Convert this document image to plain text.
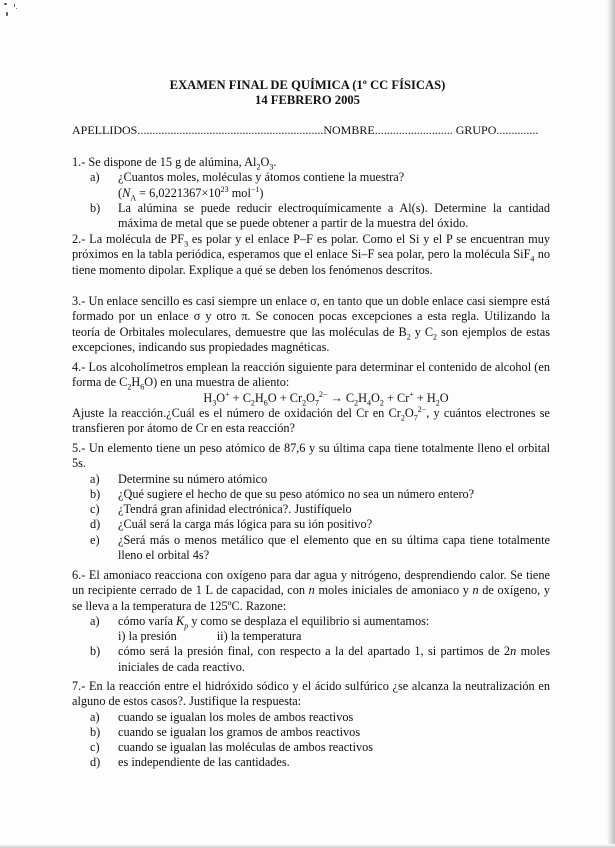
EXAMEN FINAL DE QUÍMICA (1º CC FÍSICAS)
14 FEBRERO 2005
APELLIDOS..............................................................NOMBRE.......................... GRUPO..............
1.- Se dispone de 15 g de alúmina, $Al_2O_3$.
a) ¿Cuantos moles, moléculas y átomos contiene la muestra?
($N_A = 6,0221367\times 10^{23}$ mol$^{-1}$)
b) La alúmina se puede reducir electroquímicamente a Al(s). Determine la cantidad máxima de metal que se puede obtener a partir de la muestra del óxido.
2.- La molécula de $PF_3$ es polar y el enlace P–F es polar. Como el Si y el P se encuentran muy próximos en la tabla periódica, esperamos que el enlace Si–F sea polar, pero la molécula SiF$_4$ no tiene momento dipolar. Explique a qué se deben los fenómenos descritos.
3.- Un enlace sencillo es casi siempre un enlace σ, en tanto que un doble enlace casi siempre está formado por un enlace σ y otro π. Se conocen pocas excepciones a esta regla. Utilizando la teoría de Orbitales moleculares, demuestre que las moléculas de $B_2$ y $C_2$ son ejemplos de estas excepciones, indicando sus propiedades magnéticas.
4.- Los alcoholímetros emplean la reacción siguiente para determinar el contenido de alcohol (en forma de $C_2H_6O$) en una muestra de aliento:
$H_3O^+ + C_2H_6O + Cr_2O_7^{2-} \to C_2H_4O_2 + Cr^+ + H_2O$
Ajuste la reacción.¿Cuál es el número de oxidación del Cr en $Cr_2O_7^{2-}$, y cuántos electrones se transfieren por átomo de Cr en esta reacción?
5.- Un elemento tiene un peso atómico de 87,6 y su última capa tiene totalmente lleno el orbital 5s.
a) Determine su número atómico
b) ¿Qué sugiere el hecho de que su peso atómico no sea un número entero?
c) ¿Tendrá gran afinidad electrónica?. Justifíquelo
d) ¿Cuál será la carga más lógica para su ión positivo?
e) ¿Será más o menos metálico que el elemento que en su última capa tiene totalmente lleno el orbital 4s?
6.- El amoniaco reacciona con oxígeno para dar agua y nitrógeno, desprendiendo calor. Se tiene un recipiente cerrado de 1 L de capacidad, con n moles iniciales de amoniaco y n de oxígeno, y se lleva a la temperatura de 125ºC. Razone:
a) cómo varía $K_p$ y como se desplaza el equilibrio si aumentamos:
i) la presión	ii) la temperatura
b) cómo será la presión final, con respecto a la del apartado 1, si partimos de 2n moles iniciales de cada reactivo.
7.- En la reacción entre el hidróxido sódico y el ácido sulfúrico ¿se alcanza la neutralización en alguno de estos casos?. Justifique la respuesta:
a) cuando se igualan los moles de ambos reactivos
b) cuando se igualan los gramos de ambos reactivos
c) cuando se igualan las moléculas de ambos reactivos
d) es independiente de las cantidades.
